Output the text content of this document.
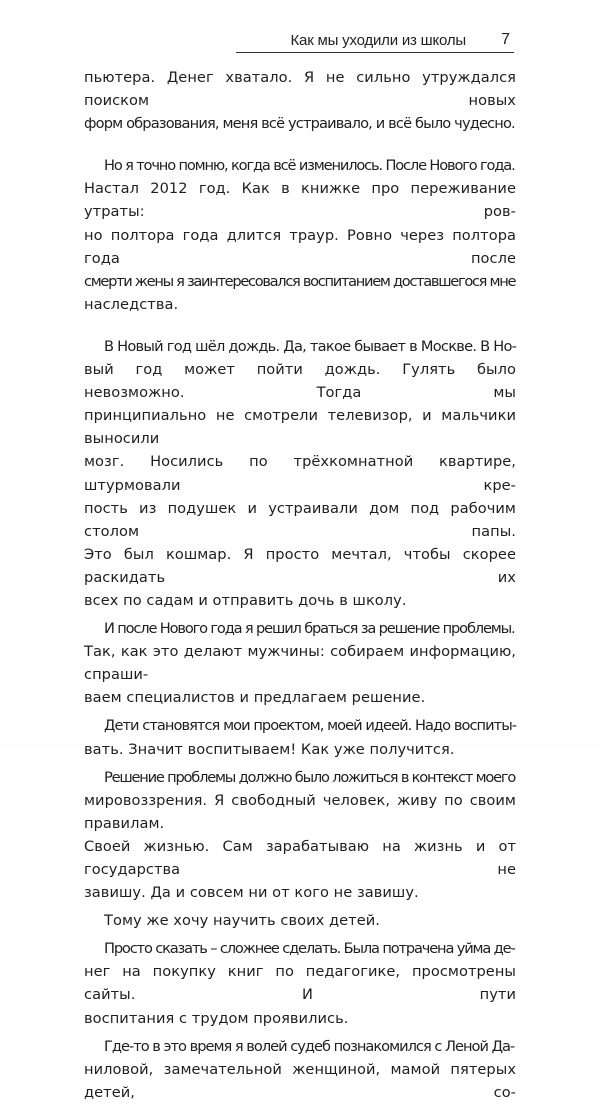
Как мы уходили из школы 7
пьютера. Денег хватало. Я не сильно утруждался поиском новых
форм образования, меня всё устраивало, и всё было чудесно.
Но я точно помню, когда всё изменилось. После Нового года.
Настал 2012 год. Как в книжке про переживание утраты: ров-
но полтора года длится траур. Ровно через полтора года после
смерти жены я заинтересовался воспитанием доставшегося мне
наследства.
В Новый год шёл дождь. Да, такое бывает в Москве. В Но-
вый год может пойти дождь. Гулять было невозможно. Тогда мы
принципиально не смотрели телевизор, и мальчики выносили
мозг. Носились по трёхкомнатной квартире, штурмовали кре-
пость из подушек и устраивали дом под рабочим столом папы.
Это был кошмар. Я просто мечтал, чтобы скорее раскидать их
всех по садам и отправить дочь в школу.
И после Нового года я решил браться за решение проблемы.
Так, как это делают мужчины: собираем информацию, спраши-
ваем специалистов и предлагаем решение.
Дети становятся мои проектом, моей идеей. Надо воспиты-
вать. Значит воспитываем! Как уже получится.
Решение проблемы должно было ложиться в контекст моего
мировоззрения. Я свободный человек, живу по своим правилам.
Своей жизнью. Сам зарабатываю на жизнь и от государства не
завишу. Да и совсем ни от кого не завишу.
Тому же хочу научить своих детей.
Просто сказать – сложнее сделать. Была потрачена уйма де-
нег на покупку книг по педагогике, просмотрены сайты. И пути
воспитания с трудом проявились.
Где-то в это время я волей судеб познакомился с Леной Да-
ниловой, замечательной женщиной, мамой пятерых детей, со-
